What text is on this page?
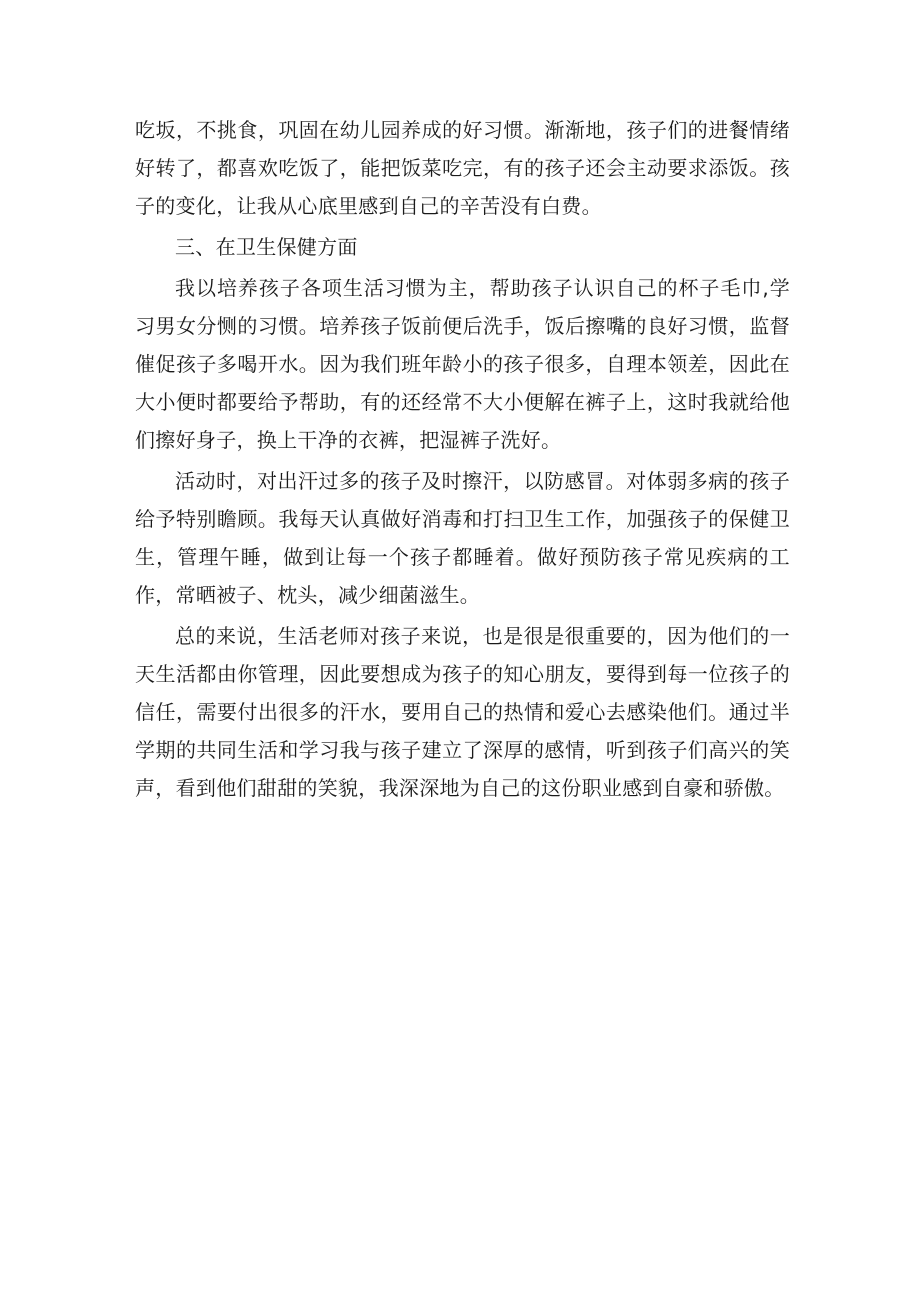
吃坂，不挑食，巩固在幼儿园养成的好习惯。渐渐地，孩子们的进餐情绪好转了，都喜欢吃饭了，能把饭菜吃完，有的孩子还会主动要求添饭。孩子的变化，让我从心底里感到自己的辛苦没有白费。

三、在卫生保健方面

我以培养孩子各项生活习惯为主，帮助孩子认识自己的杯子毛巾,学习男女分恻的习惯。培养孩子饭前便后洗手，饭后擦嘴的良好习惯，监督催促孩子多喝开水。因为我们班年龄小的孩子很多，自理本领差，因此在大小便时都要给予帮助，有的还经常不大小便解在裤子上，这时我就给他们擦好身子，换上干净的衣裤，把湿裤子洗好。

活动时，对出汗过多的孩子及时擦汗，以防感冒。对体弱多病的孩子给予特别瞻顾。我每天认真做好消毒和打扫卫生工作，加强孩子的保健卫生，管理午睡，做到让每一个孩子都睡着。做好预防孩子常见疾病的工作，常晒被子、枕头，减少细菌滋生。

总的来说，生活老师对孩子来说，也是很是很重要的，因为他们的一天生活都由你管理，因此要想成为孩子的知心朋友，要得到每一位孩子的信任，需要付出很多的汗水，要用自己的热情和爱心去感染他们。通过半学期的共同生活和学习我与孩子建立了深厚的感情，听到孩子们高兴的笑声，看到他们甜甜的笑貌，我深深地为自己的这份职业感到自豪和骄傲。
